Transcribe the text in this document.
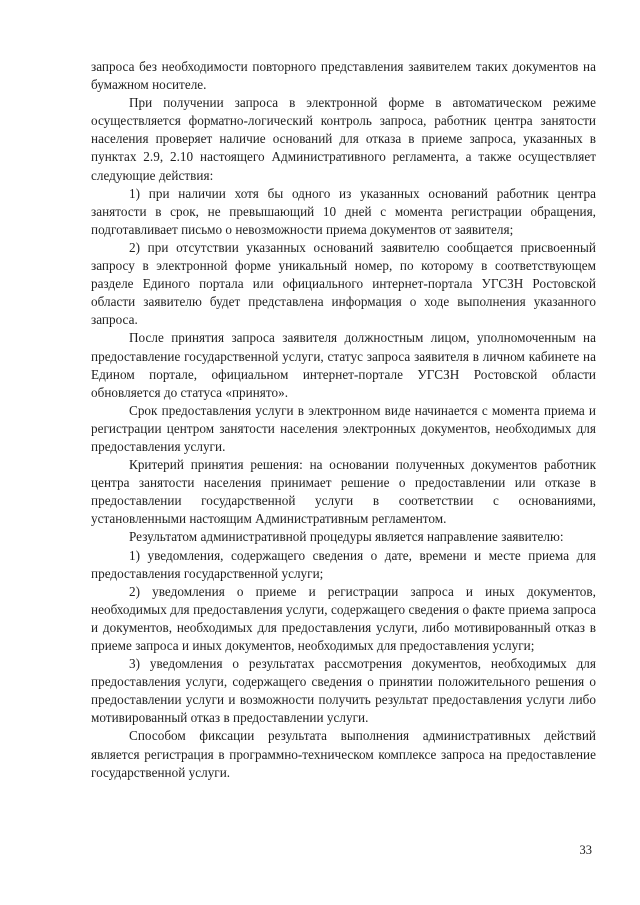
запроса без необходимости повторного представления заявителем таких документов на бумажном носителе.

При получении запроса в электронной форме в автоматическом режиме осуществляется форматно-логический контроль запроса, работник центра занятости населения проверяет наличие оснований для отказа в приеме запроса, указанных в пунктах 2.9, 2.10 настоящего Административного регламента, а также осуществляет следующие действия:

1) при наличии хотя бы одного из указанных оснований работник центра занятости в срок, не превышающий 10 дней с момента регистрации обращения, подготавливает письмо о невозможности приема документов от заявителя;

2) при отсутствии указанных оснований заявителю сообщается присвоенный запросу в электронной форме уникальный номер, по которому в соответствующем разделе Единого портала или официального интернет-портала УГСЗН Ростовской области заявителю будет представлена информация о ходе выполнения указанного запроса.

После принятия запроса заявителя должностным лицом, уполномоченным на предоставление государственной услуги, статус запроса заявителя в личном кабинете на Едином портале, официальном интернет-портале УГСЗН Ростовской области обновляется до статуса «принято».

Срок предоставления услуги в электронном виде начинается с момента приема и регистрации центром занятости населения электронных документов, необходимых для предоставления услуги.

Критерий принятия решения: на основании полученных документов работник центра занятости населения принимает решение о предоставлении или отказе в предоставлении государственной услуги в соответствии с основаниями, установленными настоящим Административным регламентом.

Результатом административной процедуры является направление заявителю:

1) уведомления, содержащего сведения о дате, времени и месте приема для предоставления государственной услуги;

2) уведомления о приеме и регистрации запроса и иных документов, необходимых для предоставления услуги, содержащего сведения о факте приема запроса и документов, необходимых для предоставления услуги, либо мотивированный отказ в приеме запроса и иных документов, необходимых для предоставления услуги;

3) уведомления о результатах рассмотрения документов, необходимых для предоставления услуги, содержащего сведения о принятии положительного решения о предоставлении услуги и возможности получить результат предоставления услуги либо мотивированный отказ в предоставлении услуги.

Способом фиксации результата выполнения административных действий является регистрация в программно-техническом комплексе запроса на предоставление государственной услуги.

33
